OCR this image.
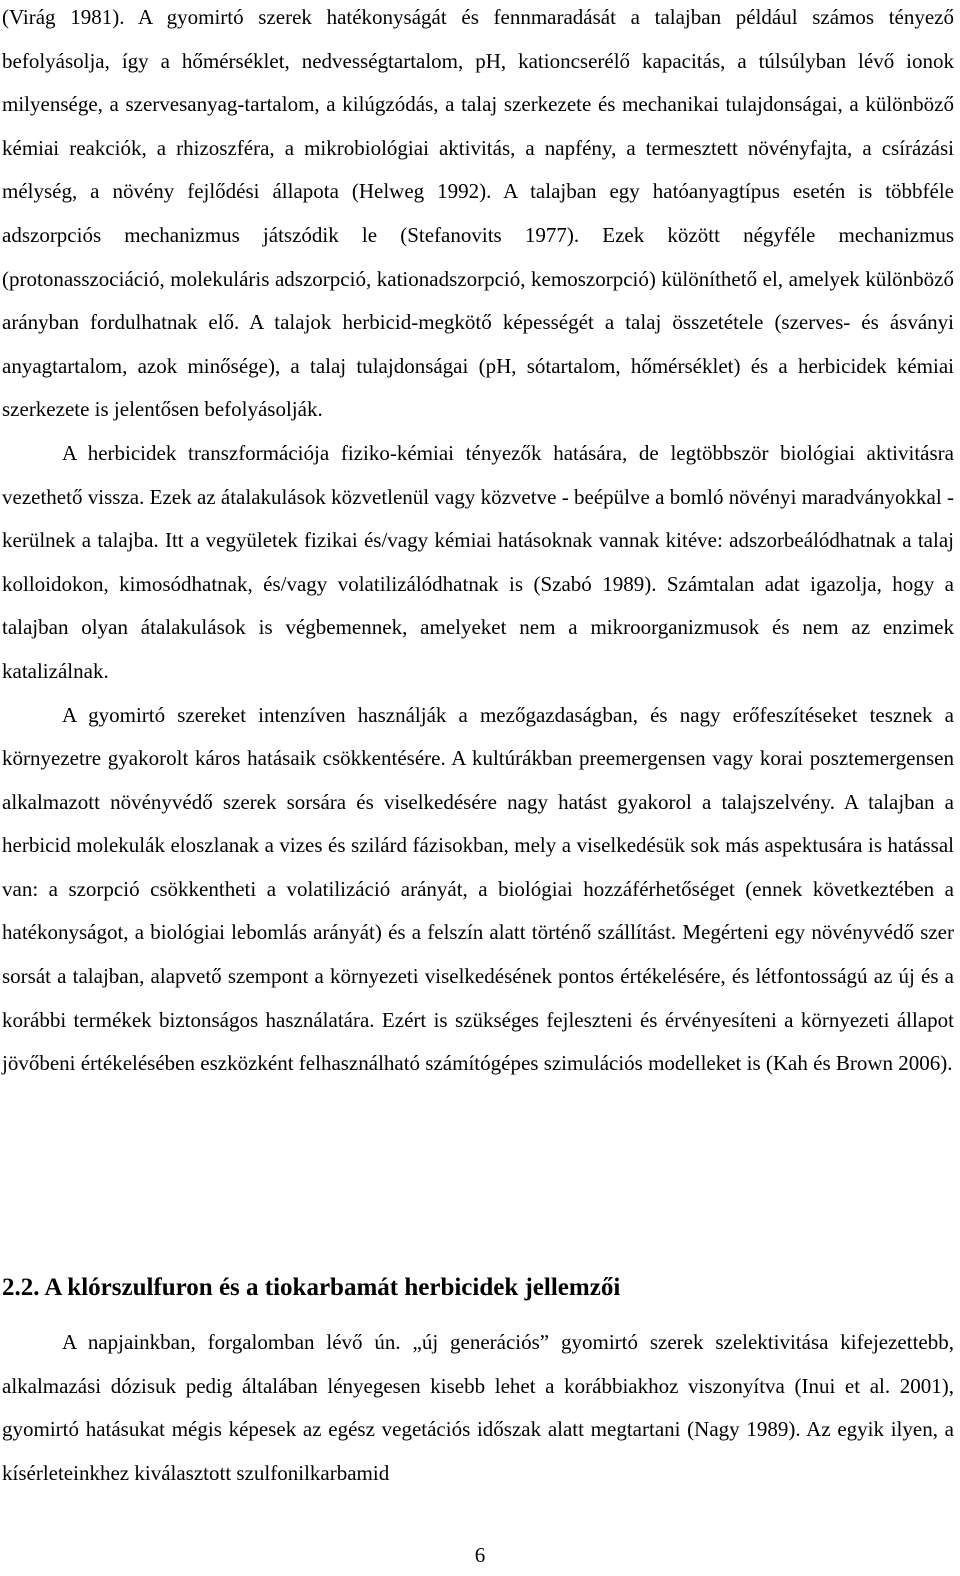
(Virág 1981). A gyomirtó szerek hatékonyságát és fennmaradását a talajban például számos tényező befolyásolja, így a hőmérséklet, nedvességtartalom, pH, kationcserélő kapacitás, a túlsúlyban lévő ionok milyensége, a szervesanyag-tartalom, a kilúgzódás, a talaj szerkezete és mechanikai tulajdonságai, a különböző kémiai reakciók, a rhizoszféra, a mikrobiológiai aktivitás, a napfény, a termesztett növényfajta, a csírázási mélység, a növény fejlődési állapota (Helweg 1992). A talajban egy hatóanyagtípus esetén is többféle adszorpciós mechanizmus játszódik le (Stefanovits 1977). Ezek között négyféle mechanizmus (protonasszociáció, molekuláris adszorpció, kationadszorpció, kemoszorpció) különíthető el, amelyek különböző arányban fordulhatnak elő. A talajok herbicid-megkötő képességét a talaj összetétele (szerves- és ásványi anyagtartalom, azok minősége), a talaj tulajdonságai (pH, sótartalom, hőmérséklet) és a herbicidek kémiai szerkezete is jelentősen befolyásolják.

A herbicidek transzformációja fiziko-kémiai tényezők hatására, de legtöbbször biológiai aktivitásra vezethető vissza. Ezek az átalakulások közvetlenül vagy közvetve - beépülve a bomló növényi maradványokkal - kerülnek a talajba. Itt a vegyületek fizikai és/vagy kémiai hatásoknak vannak kitéve: adszorbeálódhatnak a talaj kolloidokon, kimosódhatnak, és/vagy volatilizálódhatnak is (Szabó 1989). Számtalan adat igazolja, hogy a talajban olyan átalakulások is végbemennek, amelyeket nem a mikroorganizmusok és nem az enzimek katalizálnak.

A gyomirtó szereket intenzíven használják a mezőgazdaságban, és nagy erőfeszítéseket tesznek a környezetre gyakorolt káros hatásaik csökkentésére. A kultúrákban preemergensen vagy korai posztemergensen alkalmazott növényvédő szerek sorsára és viselkedésére nagy hatást gyakorol a talajszelvény. A talajban a herbicid molekulák eloszlanak a vizes és szilárd fázisokban, mely a viselkedésük sok más aspektusára is hatással van: a szorpció csökkentheti a volatilizáció arányát, a biológiai hozzáférhetőséget (ennek következtében a hatékonyságot, a biológiai lebomlás arányát) és a felszín alatt történő szállítást. Megérteni egy növényvédő szer sorsát a talajban, alapvető szempont a környezeti viselkedésének pontos értékelésére, és létfontosságú az új és a korábbi termékek biztonságos használatára. Ezért is szükséges fejleszteni és érvényesíteni a környezeti állapot jövőbeni értékelésében eszközként felhasználható számítógépes szimulációs modelleket is (Kah és Brown 2006).

2.2. A klórszulfuron és a tiokarbamát herbicidek jellemzői

A napjainkban, forgalomban lévő ún. „új generációs” gyomirtó szerek szelektivitása kifejezettebb, alkalmazási dózisuk pedig általában lényegesen kisebb lehet a korábbiakhoz viszonyítva (Inui et al. 2001), gyomirtó hatásukat mégis képesek az egész vegetációs időszak alatt megtartani (Nagy 1989). Az egyik ilyen, a kísérleteinkhez kiválasztott szulfonilkarbamid

6
